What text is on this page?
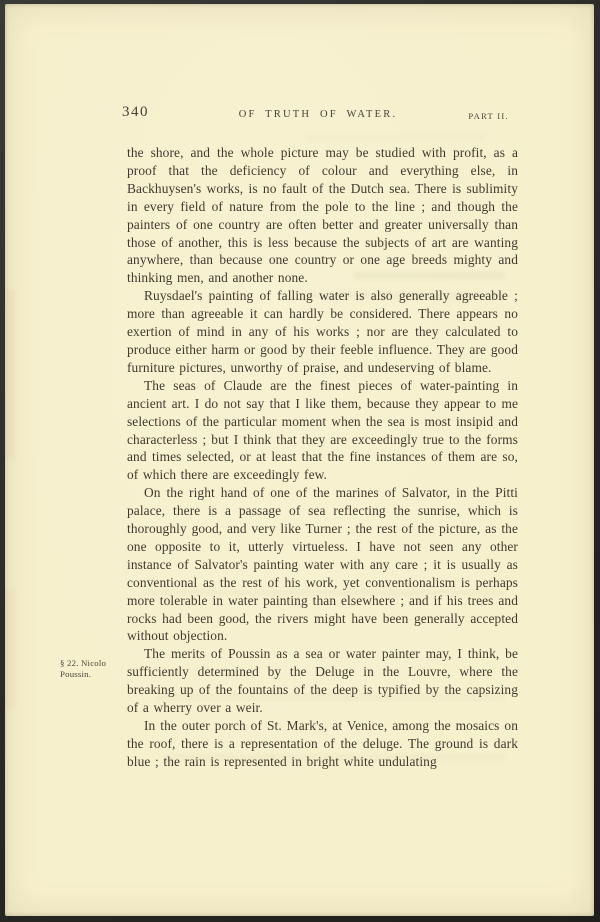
340	OF TRUTH OF WATER.	PART II.
§ 22. Nicolo Poussin.

the shore, and the whole picture may be studied with profit, as a proof that the deficiency of colour and everything else, in Backhuysen's works, is no fault of the Dutch sea. There is sublimity in every field of nature from the pole to the line ; and though the painters of one country are often better and greater universally than those of another, this is less because the subjects of art are wanting anywhere, than because one country or one age breeds mighty and thinking men, and another none.

Ruysdael's painting of falling water is also generally agreeable ; more than agreeable it can hardly be considered. There appears no exertion of mind in any of his works ; nor are they calculated to produce either harm or good by their feeble influence. They are good furniture pictures, unworthy of praise, and undeserving of blame.

The seas of Claude are the finest pieces of water-painting in ancient art. I do not say that I like them, because they appear to me selections of the particular moment when the sea is most insipid and characterless ; but I think that they are exceedingly true to the forms and times selected, or at least that the fine instances of them are so, of which there are exceedingly few.

On the right hand of one of the marines of Salvator, in the Pitti palace, there is a passage of sea reflecting the sunrise, which is thoroughly good, and very like Turner ; the rest of the picture, as the one opposite to it, utterly virtueless. I have not seen any other instance of Salvator's painting water with any care ; it is usually as conventional as the rest of his work, yet conventionalism is perhaps more tolerable in water painting than elsewhere ; and if his trees and rocks had been good, the rivers might have been generally accepted without objection.

The merits of Poussin as a sea or water painter may, I think, be sufficiently determined by the Deluge in the Louvre, where the breaking up of the fountains of the deep is typified by the capsizing of a wherry over a weir.

In the outer porch of St. Mark's, at Venice, among the mosaics on the roof, there is a representation of the deluge. The ground is dark blue ; the rain is represented in bright white undulating
